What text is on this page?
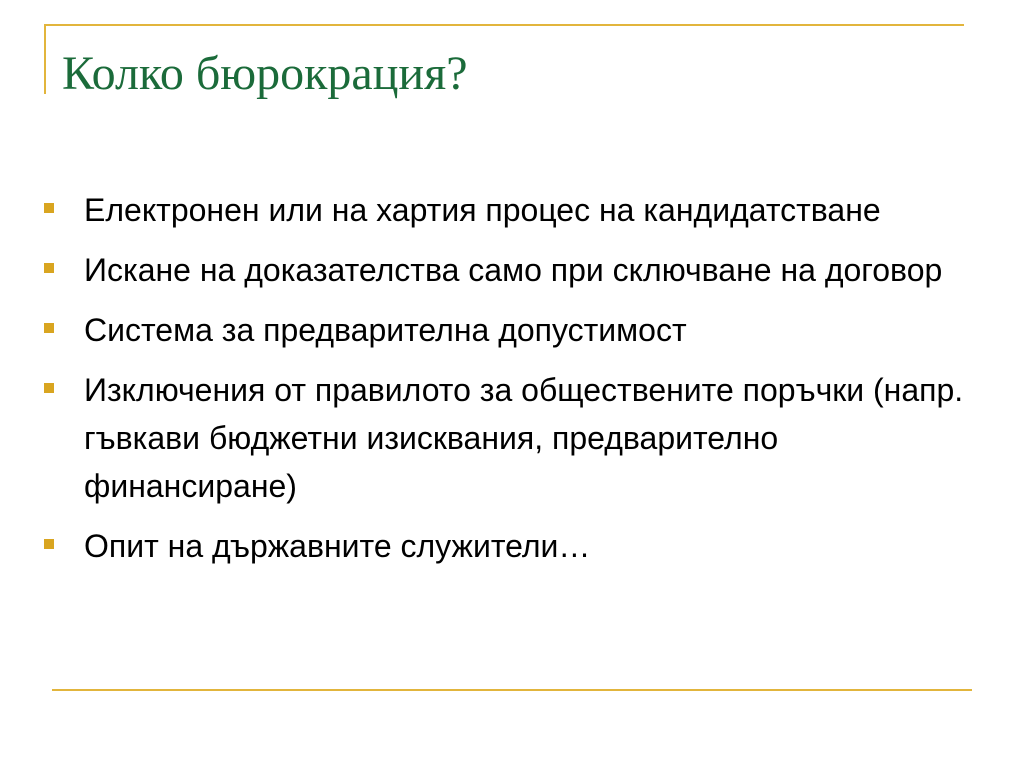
Колко бюрокрация?
Електронен или на хартия процес на кандидатстване
Искане на доказателства само при сключване на договор
Система за предварителна допустимост
Изключения от правилото за обществените поръчки (напр. гъвкави бюджетни изисквания, предварително финансиране)
Опит на държавните служители…
